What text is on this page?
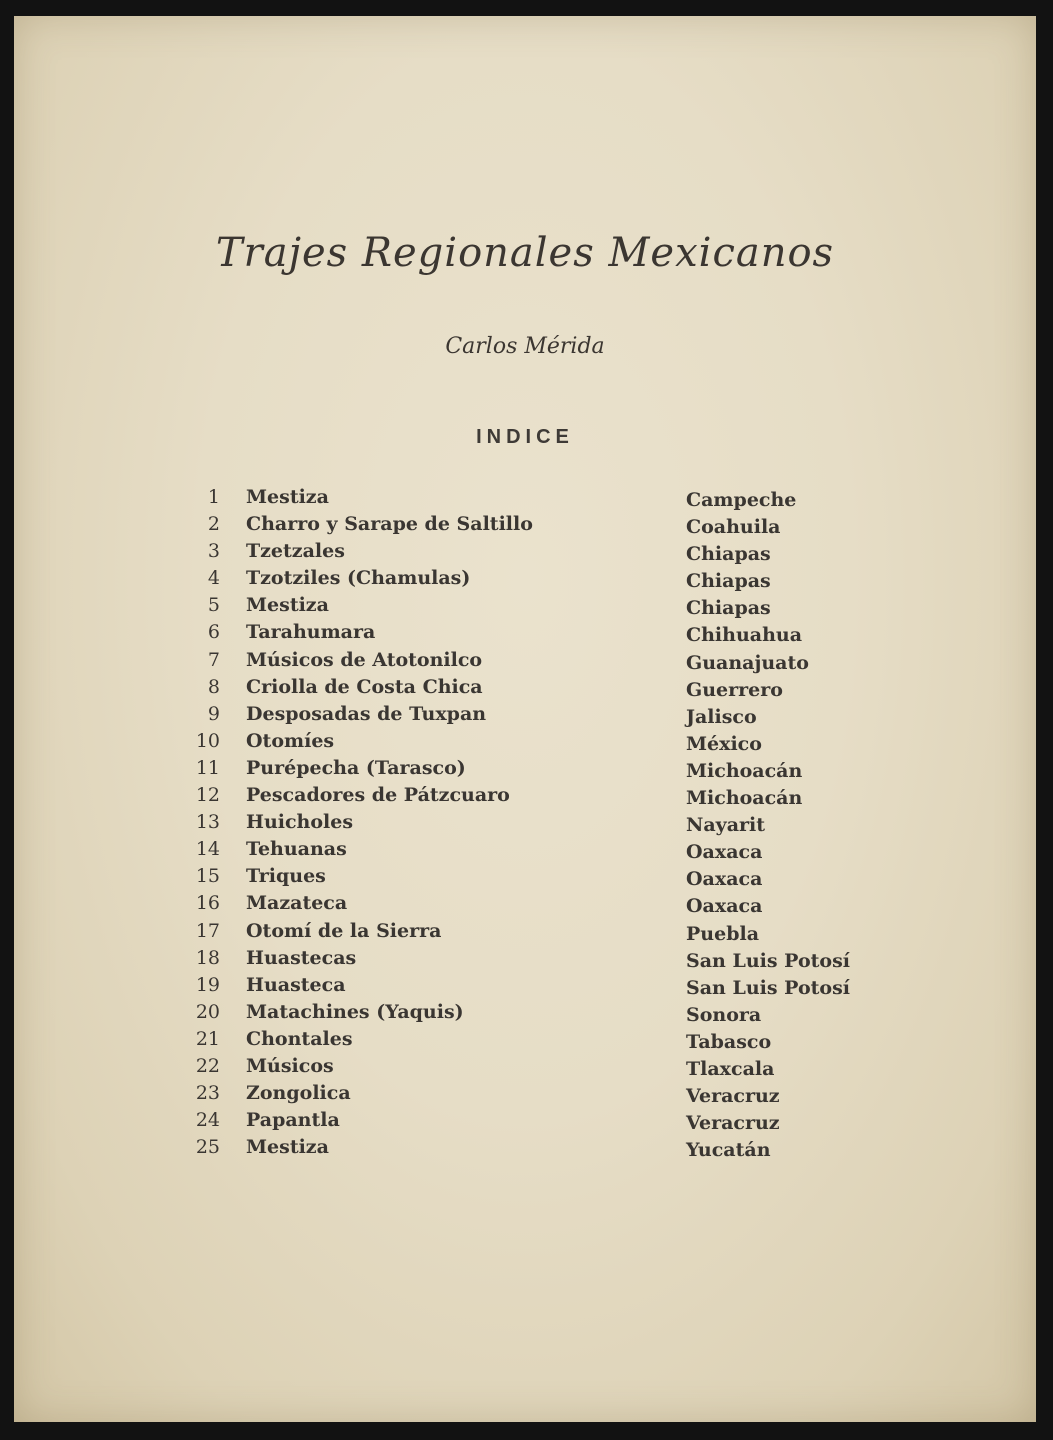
Trajes Regionales Mexicanos
Carlos Mérida
INDICE
1 Mestiza	Campeche
2 Charro y Sarape de Saltillo	Coahuila
3 Tzetzales	Chiapas
4 Tzotziles (Chamulas)	Chiapas
5 Mestiza	Chiapas
6 Tarahumara	Chihuahua
7 Músicos de Atotonilco	Guanajuato
8 Criolla de Costa Chica	Guerrero
9 Desposadas de Tuxpan	Jalisco
10 Otomíes	México
11 Purépecha (Tarasco)	Michoacán
12 Pescadores de Pátzcuaro	Michoacán
13 Huicholes	Nayarit
14 Tehuanas	Oaxaca
15 Triques	Oaxaca
16 Mazateca	Oaxaca
17 Otomí de la Sierra	Puebla
18 Huastecas	San Luis Potosí
19 Huasteca	San Luis Potosí
20 Matachines (Yaquis)	Sonora
21 Chontales	Tabasco
22 Músicos	Tlaxcala
23 Zongolica	Veracruz
24 Papantla	Veracruz
25 Mestiza	Yucatán
